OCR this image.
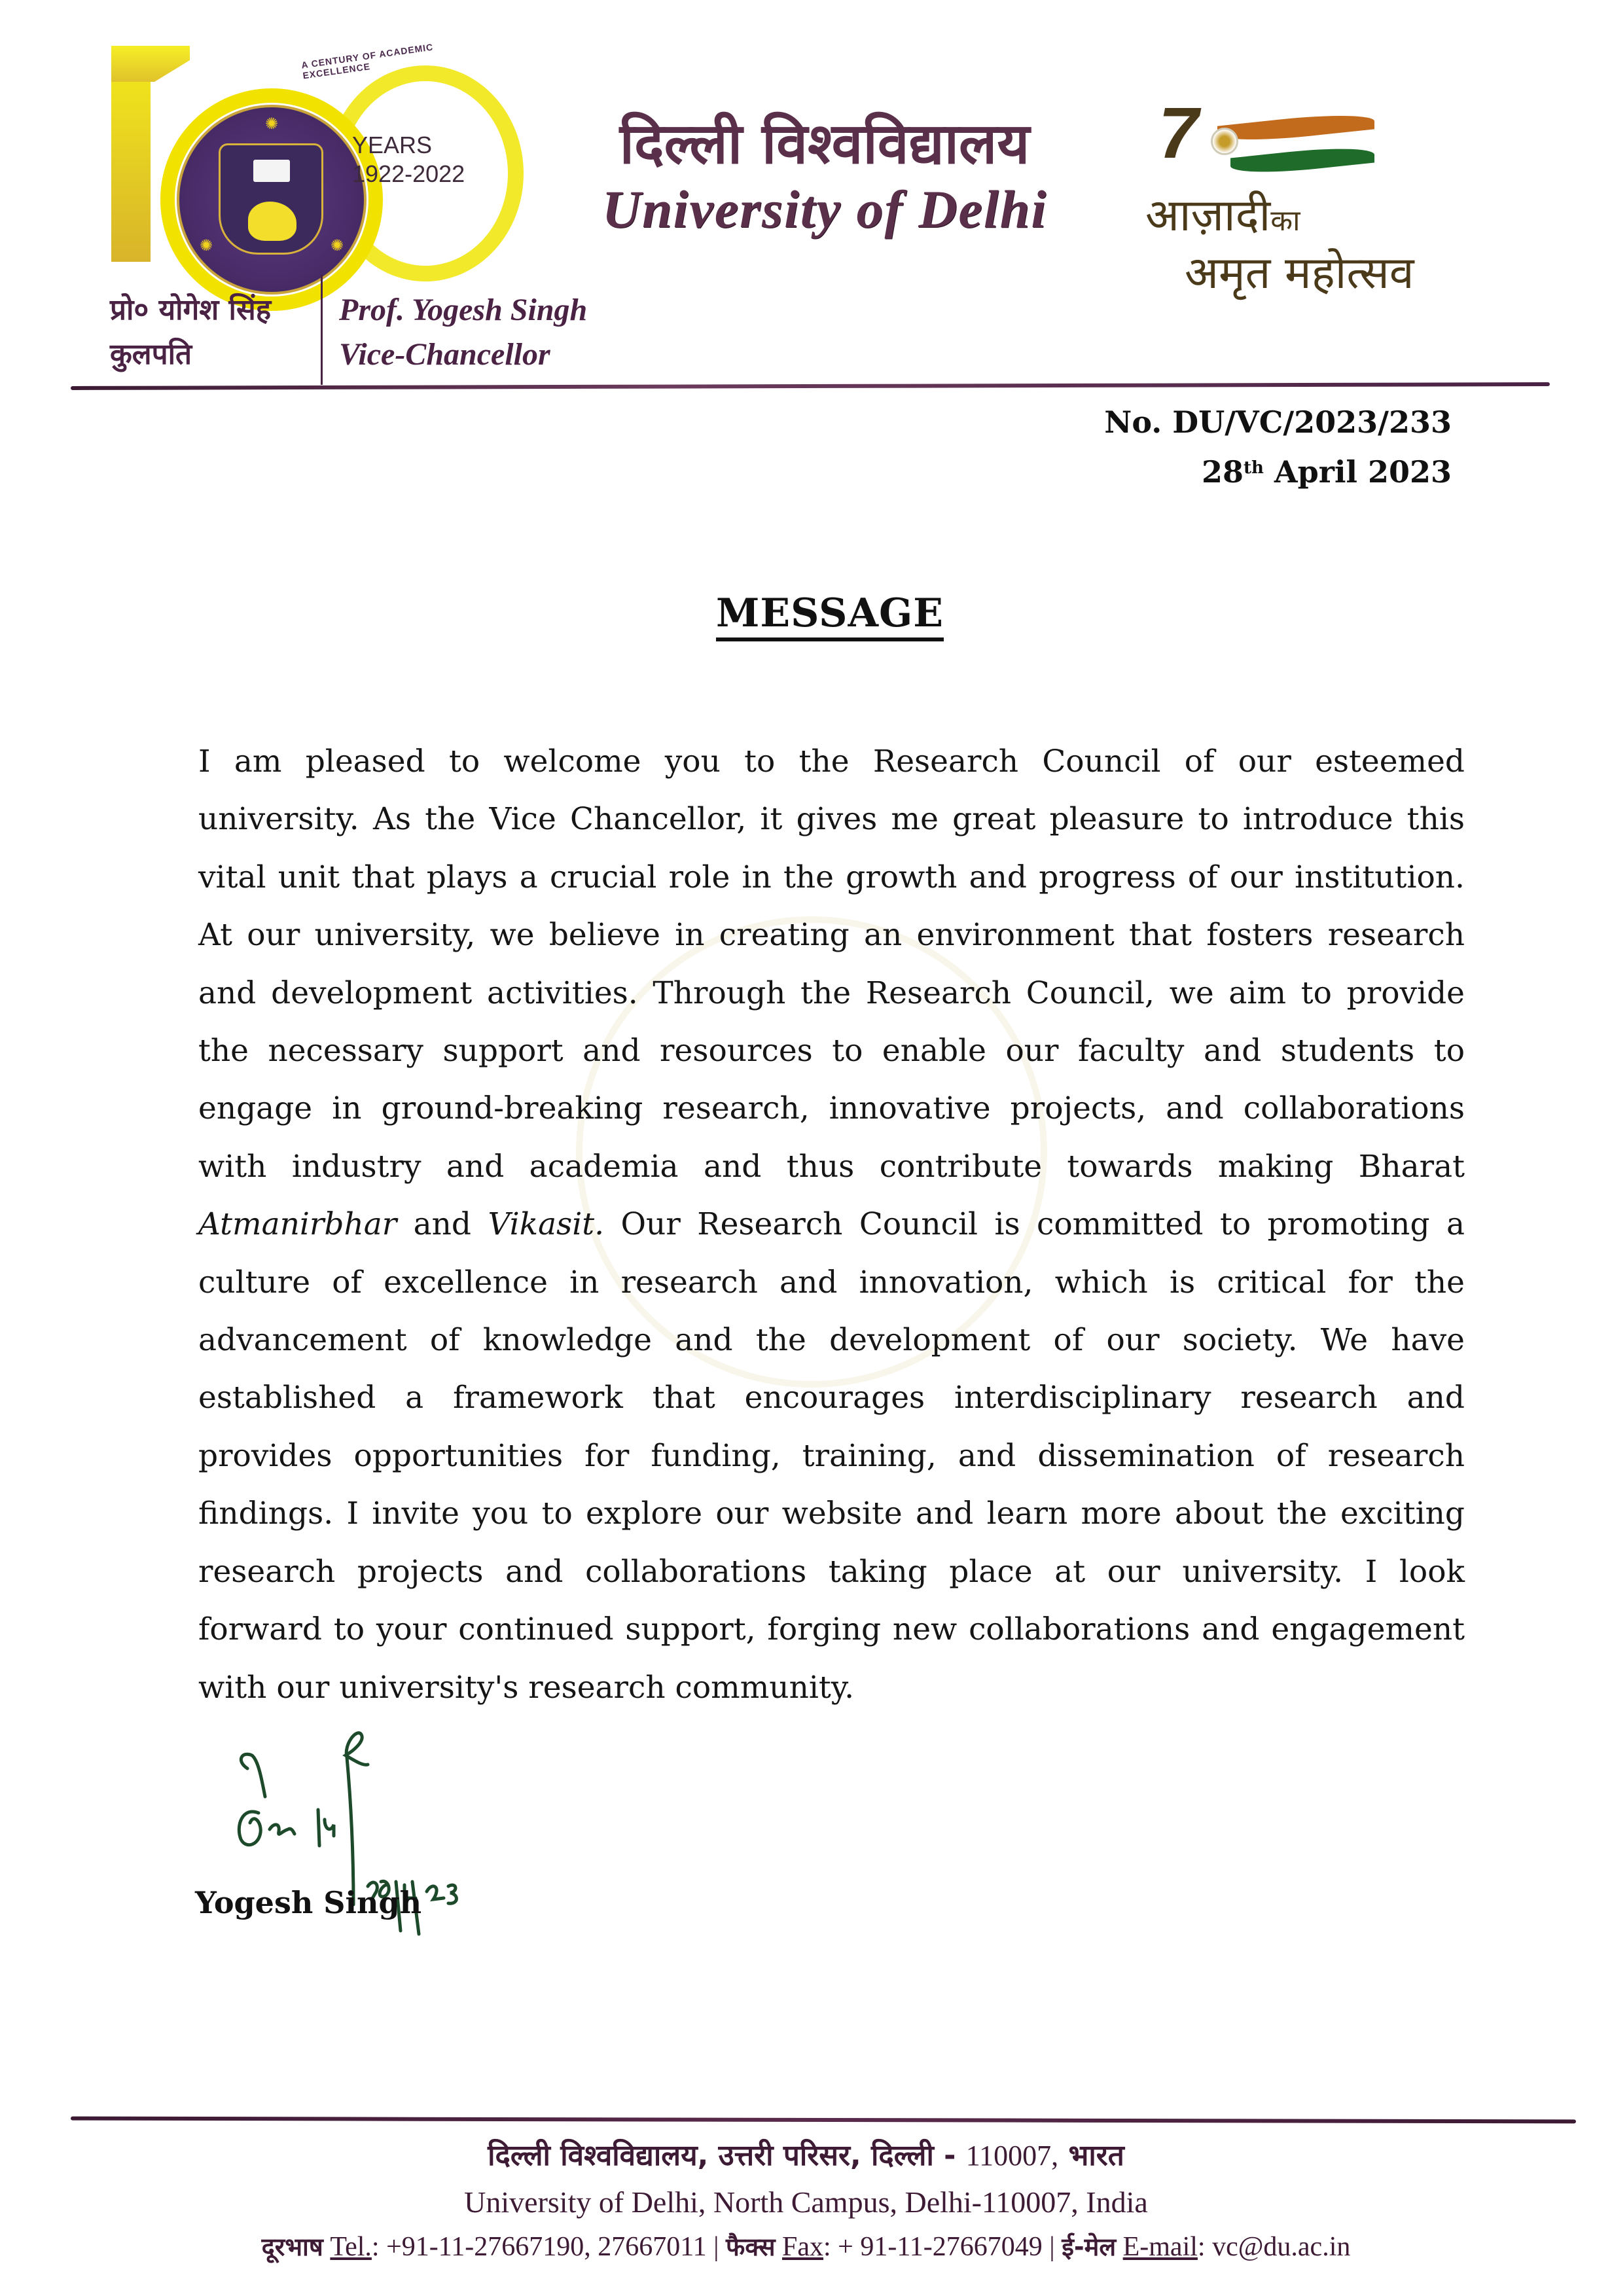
✺
✺	✺
A CENTURY OF ACADEMIC EXCELLENCE
YEARS
1922-2022	दिल्ली विश्वविद्यालय
University of Delhi
7
आज़ादीका
अमृत महोत्सव
प्रो० योगेश सिंह
कुलपति
Prof. Yogesh Singh
Vice-Chancellor
No. DU/VC/2023/233
28th April 2023
MESSAGE
I am pleased to welcome you to the Research Council of our esteemed university. As the Vice Chancellor, it gives me great pleasure to introduce this vital unit that plays a crucial role in the growth and progress of our institution. At our university, we believe in creating an environment that fosters research and development activities. Through the Research Council, we aim to provide the necessary support and resources to enable our faculty and students to engage in ground-breaking research, innovative projects, and collaborations with industry and academia and thus contribute towards making Bharat Atmanirbhar and Vikasit. Our Research Council is committed to promoting a culture of excellence in research and innovation, which is critical for the advancement of knowledge and the development of our society. We have established a framework that encourages interdisciplinary research and provides opportunities for funding, training, and dissemination of research findings. I invite you to explore our website and learn more about the exciting research projects and collaborations taking place at our university. I look forward to your continued support, forging new collaborations and engagement with our university's research community.
Yogesh Singh
दिल्ली विश्वविद्यालय, उत्तरी परिसर, दिल्ली - 110007, भारत
University of Delhi, North Campus, Delhi-110007, India
दूरभाष Tel.: +91-11-27667190, 27667011 | फैक्स Fax: + 91-11-27667049 | ई-मेल E-mail: vc@du.ac.in
